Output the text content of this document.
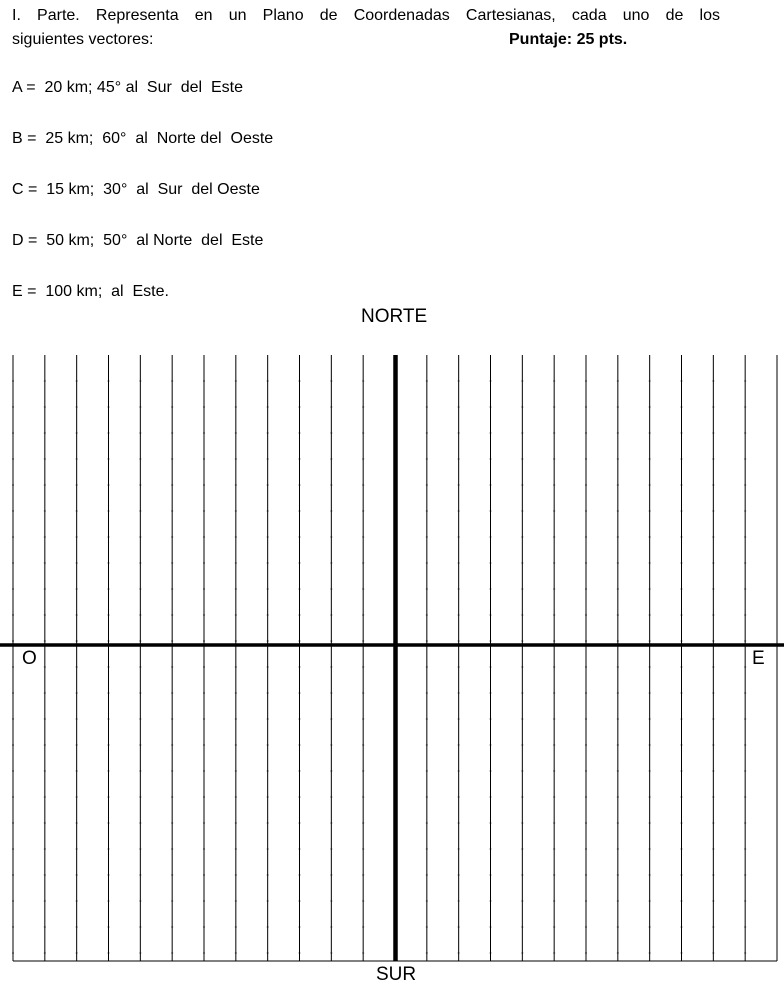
I. Parte. Representa en un Plano de Coordenadas Cartesianas, cada uno de los
siguientes vectores:	Puntaje: 25 pts.
A =  20 km; 45° al  Sur  del  Este
B =  25 km;  60°  al  Norte del  Oeste
C =  15 km;  30°  al  Sur  del Oeste
D =  50 km;  50°  al Norte  del  Este
E =  100 km;  al  Este.
NORTE
O	E
SUR
